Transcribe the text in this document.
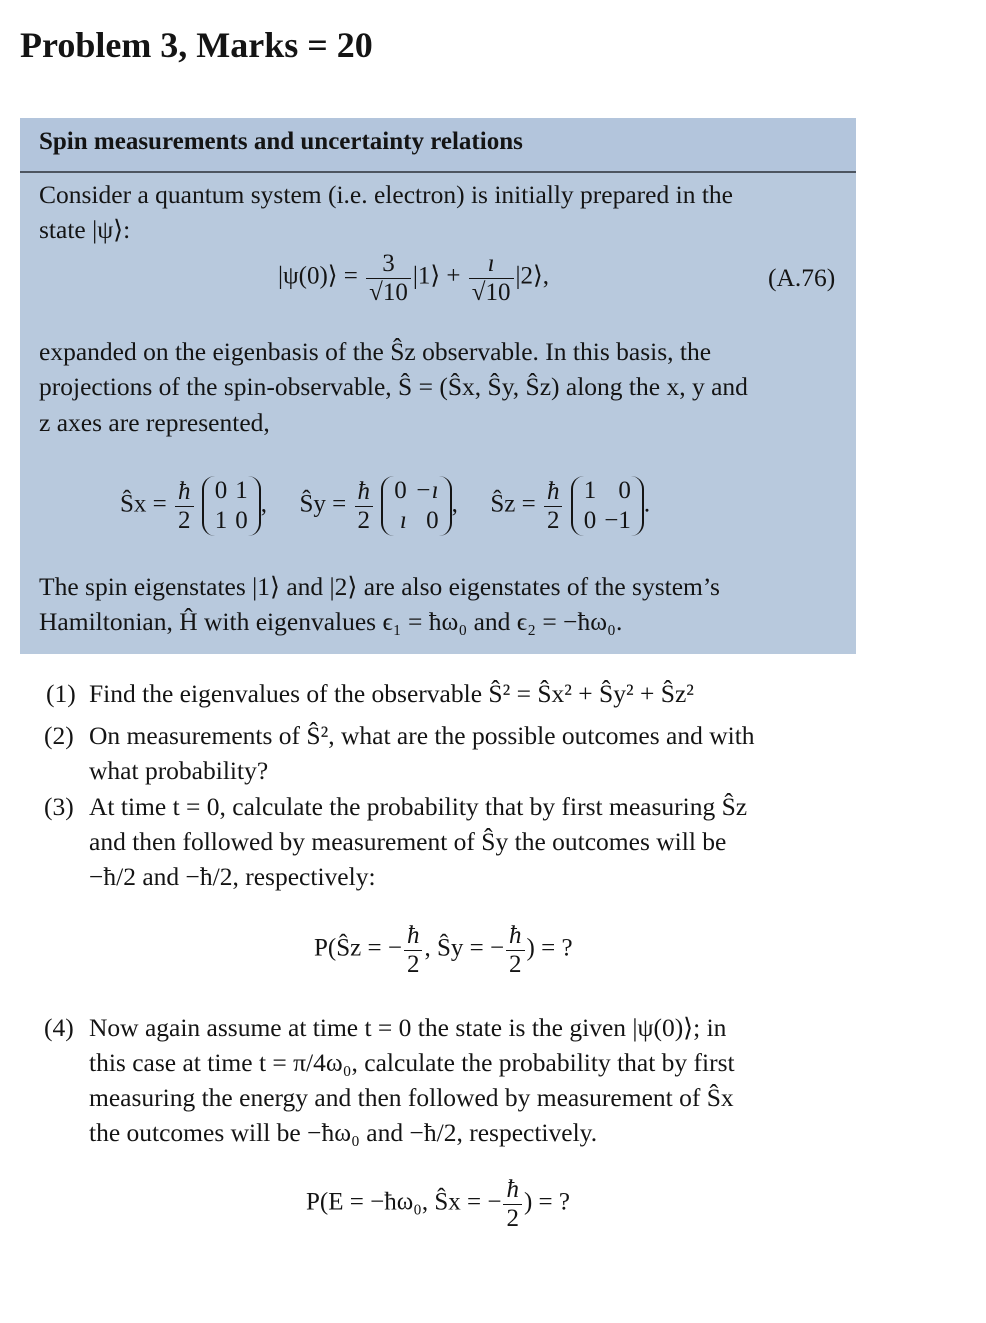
Problem 3, Marks = 20
Spin measurements and uncertainty relations
Consider a quantum system (i.e. electron) is initially prepared in the
state |ψ⟩:
|ψ(0)⟩ = $\frac{3}{√10}$ |1⟩ + $\frac{ı}{√10}$ |2⟩,	(A.76)
expanded on the eigenbasis of the Ŝz observable. In this basis, the
projections of the spin-observable, Ŝ = (Ŝx, Ŝy, Ŝz) along the x, y and
z axes are represented,
Ŝx = $\frac{ħ}{2}$
0	1
1	0
, Ŝy = $\frac{ħ}{2}$
0	−ı
ı	0
, Ŝz = $\frac{ħ}{2}$
1	0
0	−1
.
The spin eigenstates |1⟩ and |2⟩ are also eigenstates of the system’s
Hamiltonian, Ĥ with eigenvalues ϵ₁ = ħω₀ and ϵ₂ = −ħω₀.
(1) Find the eigenvalues of the observable Ŝ² = Ŝx² + Ŝy² + Ŝz²
(2) On measurements of Ŝ², what are the possible outcomes and with
what probability?
(3) At time t = 0, calculate the probability that by first measuring Ŝz
and then followed by measurement of Ŝy the outcomes will be
−ħ/2 and −ħ/2, respectively:
P(Ŝz = − $\frac{ħ}{2}$ , Ŝy = − $\frac{ħ}{2}$ ) = ?
(4) Now again assume at time t = 0 the state is the given |ψ(0)⟩; in
this case at time t = π/4ω₀, calculate the probability that by first
measuring the energy and then followed by measurement of Ŝx
the outcomes will be −ħω₀ and −ħ/2, respectively.
P(E = −ħω₀, Ŝx = − $\frac{ħ}{2}$ ) = ?
